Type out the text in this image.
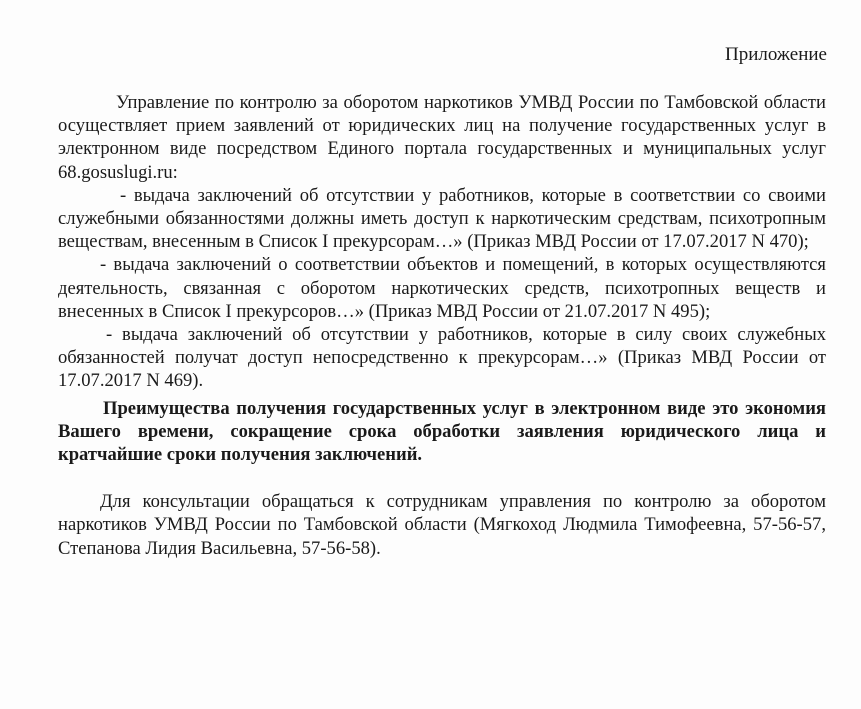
Приложение

Управление по контролю за оборотом наркотиков УМВД России по Тамбовской области осуществляет прием заявлений от юридических лиц на получение государственных услуг в электронном виде посредством Единого портала государственных и муниципальных услуг 68.gosuslugi.ru:

- выдача заключений об отсутствии у работников, которые в соответствии со своими служебными обязанностями должны иметь доступ к наркотическим средствам, психотропным веществам, внесенным в Список I прекурсорам…» (Приказ МВД России от 17.07.2017 N 470);

- выдача заключений о соответствии объектов и помещений, в которых осуществляются деятельность, связанная с оборотом наркотических средств, психотропных веществ и внесенных в Список I прекурсоров…» (Приказ МВД России от 21.07.2017 N 495);

- выдача заключений об отсутствии у работников, которые в силу своих служебных обязанностей получат доступ непосредственно к прекурсорам…» (Приказ МВД России от 17.07.2017 N 469).

Преимущества получения государственных услуг в электронном виде это экономия Вашего времени, сокращение срока обработки заявления юридического лица и кратчайшие сроки получения заключений.

Для консультации обращаться к сотрудникам управления по контролю за оборотом наркотиков УМВД России по Тамбовской области (Мягкоход Людмила Тимофеевна, 57-56-57, Степанова Лидия Васильевна, 57-56-58).
